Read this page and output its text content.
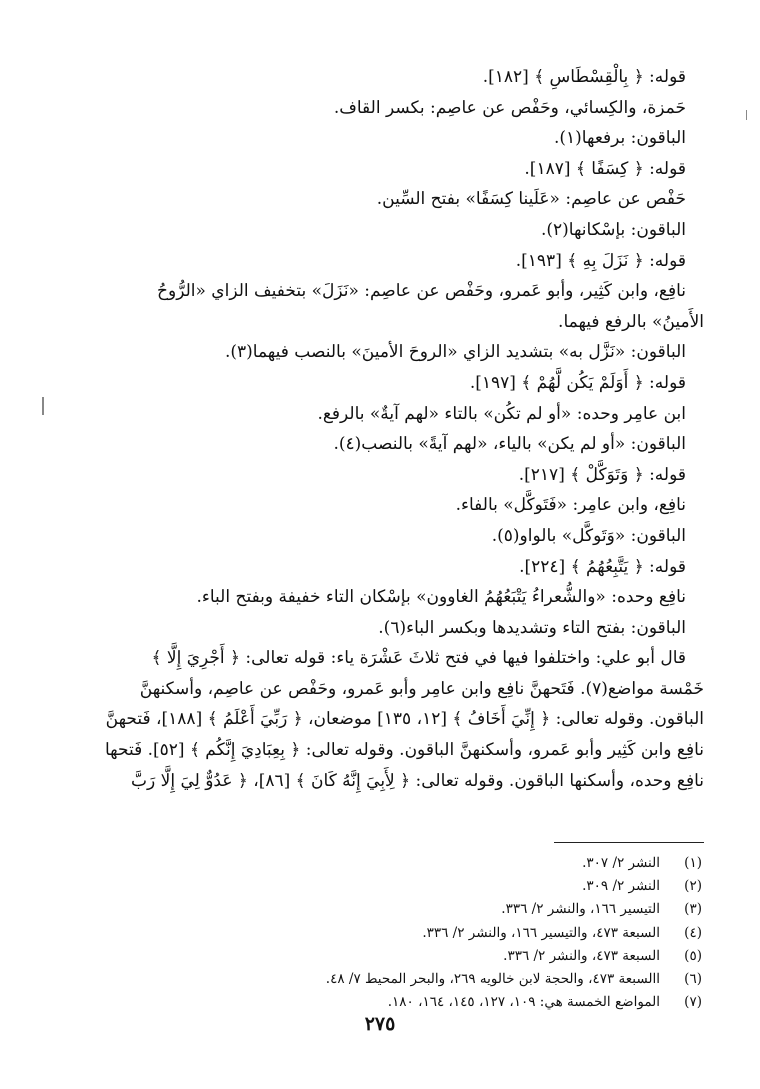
قوله: ﴿ بِالْقِسْطَاسِ ﴾ [١٨٢].
حَمزة، والكِسائي، وحَفْص عن عاصِم: بكسر القاف.
الباقون: برفعها(١).
قوله: ﴿ كِسَفًا ﴾ [١٨٧].
حَفْص عن عاصِم: «عَلَينا كِسَفًا» بفتح السِّين.
الباقون: بإسْكانها(٢).
قوله: ﴿ نَزَلَ بِهِ ﴾ [١٩٣].
نافِع، وابن كَثِير، وأبو عَمرو، وحَفْص عن عاصِم: «نَزَلَ» بتخفيف الزاي «الرُّوحُ
الأَمينُ» بالرفع فيهما.
الباقون: «نَزَّل به» بتشديد الزاي «الروحَ الأمينَ» بالنصب فيهما(٣).
قوله: ﴿ أَوَلَمْ يَكُن لَّهُمْ ﴾ [١٩٧].
ابن عامِر وحده: «أو لم تكُن» بالتاء «لهم آيةٌ» بالرفع.
الباقون: «أو لم يكن» بالياء، «لهم آيةً» بالنصب(٤).
قوله: ﴿ وَتَوَكَّلْ ﴾ [٢١٧].
نافِع، وابن عامِر: «فَتَوكَّل» بالفاء.
الباقون: «وَتَوكَّل» بالواو(٥).
قوله: ﴿ يَتَّبِعُهُمُ ﴾ [٢٢٤].
نافِع وحده: «والشُّعراءُ يَتْبَعُهُمُ الغاوون» بإسْكان التاء خفيفة وبفتح الباء.
الباقون: بفتح التاء وتشديدها وبكسر الباء(٦).
قال أبو علي: واختلفوا فيها في فتح ثلاثَ عَشْرَة ياء: قوله تعالى: ﴿ أَجْرِيَ إِلَّا ﴾
خَمْسة مواضع(٧). فَتَحهنَّ نافِع وابن عامِر وأبو عَمرو، وحَفْص عن عاصِم، وأسكنهنَّ
الباقون. وقوله تعالى: ﴿ إِنِّيَ أَخَافُ ﴾ [١٢، ١٣٥] موضعان، ﴿ رَبِّيَ أَعْلَمُ ﴾ [١٨٨]، فَتحهنَّ
نافِع وابن كَثِير وأبو عَمرو، وأسكنهنَّ الباقون. وقوله تعالى: ﴿ بِعِبَادِيَ إِنَّكُم ﴾ [٥٢]. فَتحها
نافِع وحده، وأسكنها الباقون. وقوله تعالى: ﴿ لِأَبِيَ إِنَّهُ كَانَ ﴾ [٨٦]، ﴿ عَدُوٌّ لِيَ إِلَّا رَبَّ
(١)
النشر ٢/ ٣٠٧.
(٢)
النشر ٢/ ٣٠٩.
(٣)
التيسير ١٦٦، والنشر ٢/ ٣٣٦.
(٤)
السبعة ٤٧٣، والتيسير ١٦٦، والنشر ٢/ ٣٣٦.
(٥)
السبعة ٤٧٣، والنشر ٢/ ٣٣٦.
(٦)
االسبعة ٤٧٣، والحجة لابن خالويه ٢٦٩، والبحر المحيط ٧/ ٤٨.
(٧)
المواضع الخمسة هي: ١٠٩، ١٢٧، ١٤٥، ١٦٤، ١٨٠.
٢٧٥
